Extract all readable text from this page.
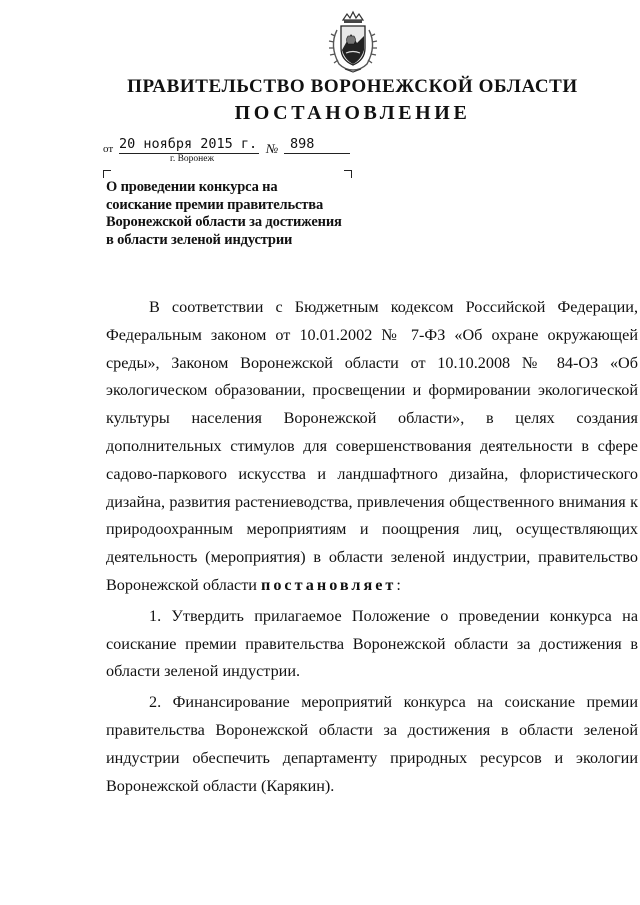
ПРАВИТЕЛЬСТВО ВОРОНЕЖСКОЙ ОБЛАСТИ
ПОСТАНОВЛЕНИЕ
от 20 ноября 2015 г. № 898
г. Воронеж
О проведении конкурса на
соискание премии правительства
Воронежской области за достижения
в области зеленой индустрии
В соответствии с Бюджетным кодексом Российской Федерации,
Федеральным законом от 10.01.2002 № 7-ФЗ «Об охране окружающей
среды», Законом Воронежской области от 10.10.2008 № 84-ОЗ «Об
экологическом образовании, просвещении и формировании экологической
культуры населения Воронежской области», в целях создания
дополнительных стимулов для совершенствования деятельности в сфере
садово-паркового искусства и ландшафтного дизайна, флористического
дизайна, развития растениеводства, привлечения общественного внимания к
природоохранным мероприятиям и поощрения лиц, осуществляющих
деятельность (мероприятия) в области зеленой индустрии, правительство
Воронежской области постановляет:
1. Утвердить прилагаемое Положение о проведении конкурса на
соискание премии правительства Воронежской области за достижения в
области зеленой индустрии.
2. Финансирование мероприятий конкурса на соискание премии
правительства Воронежской области за достижения в области зеленой
индустрии обеспечить департаменту природных ресурсов и экологии
Воронежской области (Карякин).
